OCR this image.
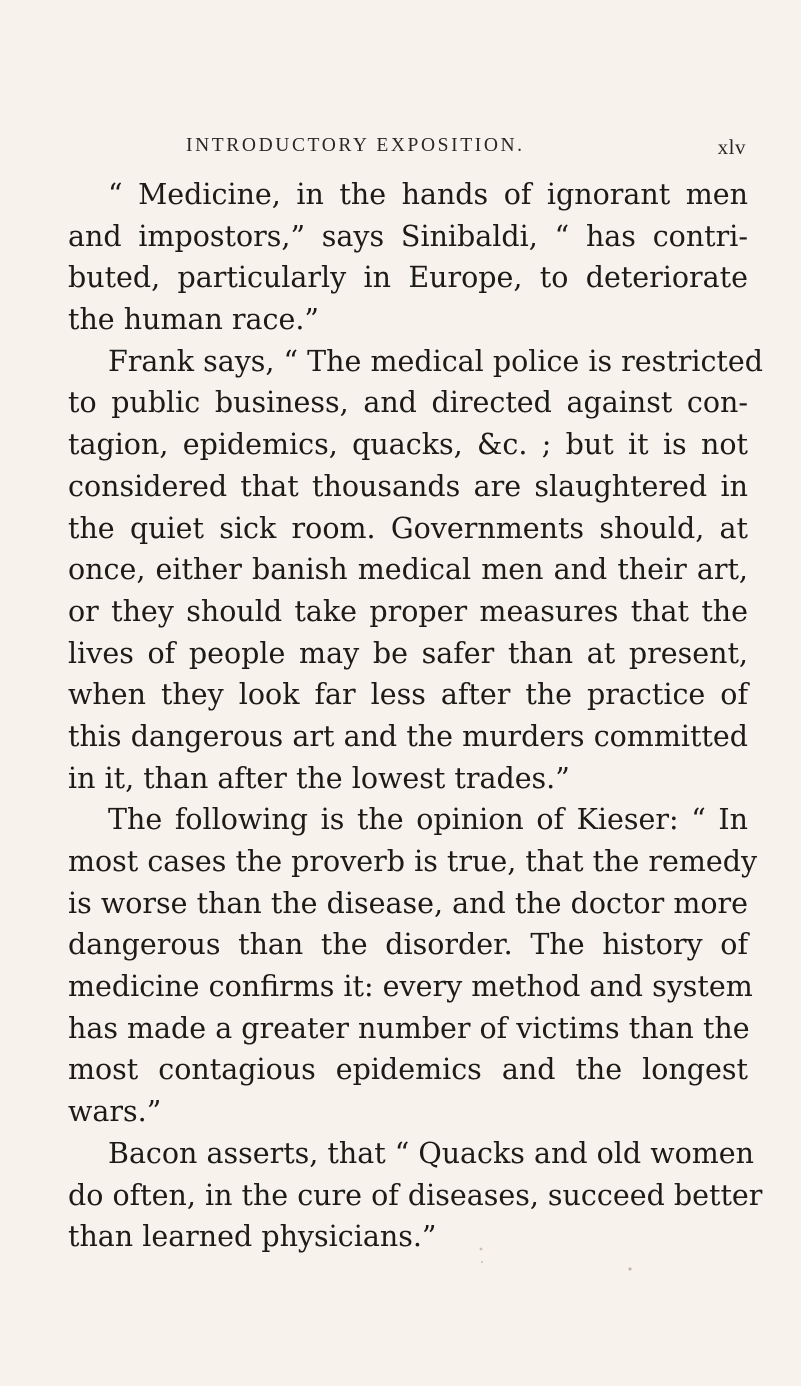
INTRODUCTORY EXPOSITION.	xlv
“ Medicine, in the hands of ignorant men
and impostors,” says Sinibaldi, “ has contri-
buted, particularly in Europe, to deteriorate
the human race.”
Frank says, “ The medical police is restricted
to public business, and directed against con-
tagion, epidemics, quacks, &c. ; but it is not
considered that thousands are slaughtered in
the quiet sick room. Governments should, at
once, either banish medical men and their art,
or they should take proper measures that the
lives of people may be safer than at present,
when they look far less after the practice of
this dangerous art and the murders committed
in it, than after the lowest trades.”
The following is the opinion of Kieser: “ In
most cases the proverb is true, that the remedy
is worse than the disease, and the doctor more
dangerous than the disorder. The history of
medicine confirms it: every method and system
has made a greater number of victims than the
most contagious epidemics and the longest
wars.”
Bacon asserts, that “ Quacks and old women
do often, in the cure of diseases, succeed better
than learned physicians.”
